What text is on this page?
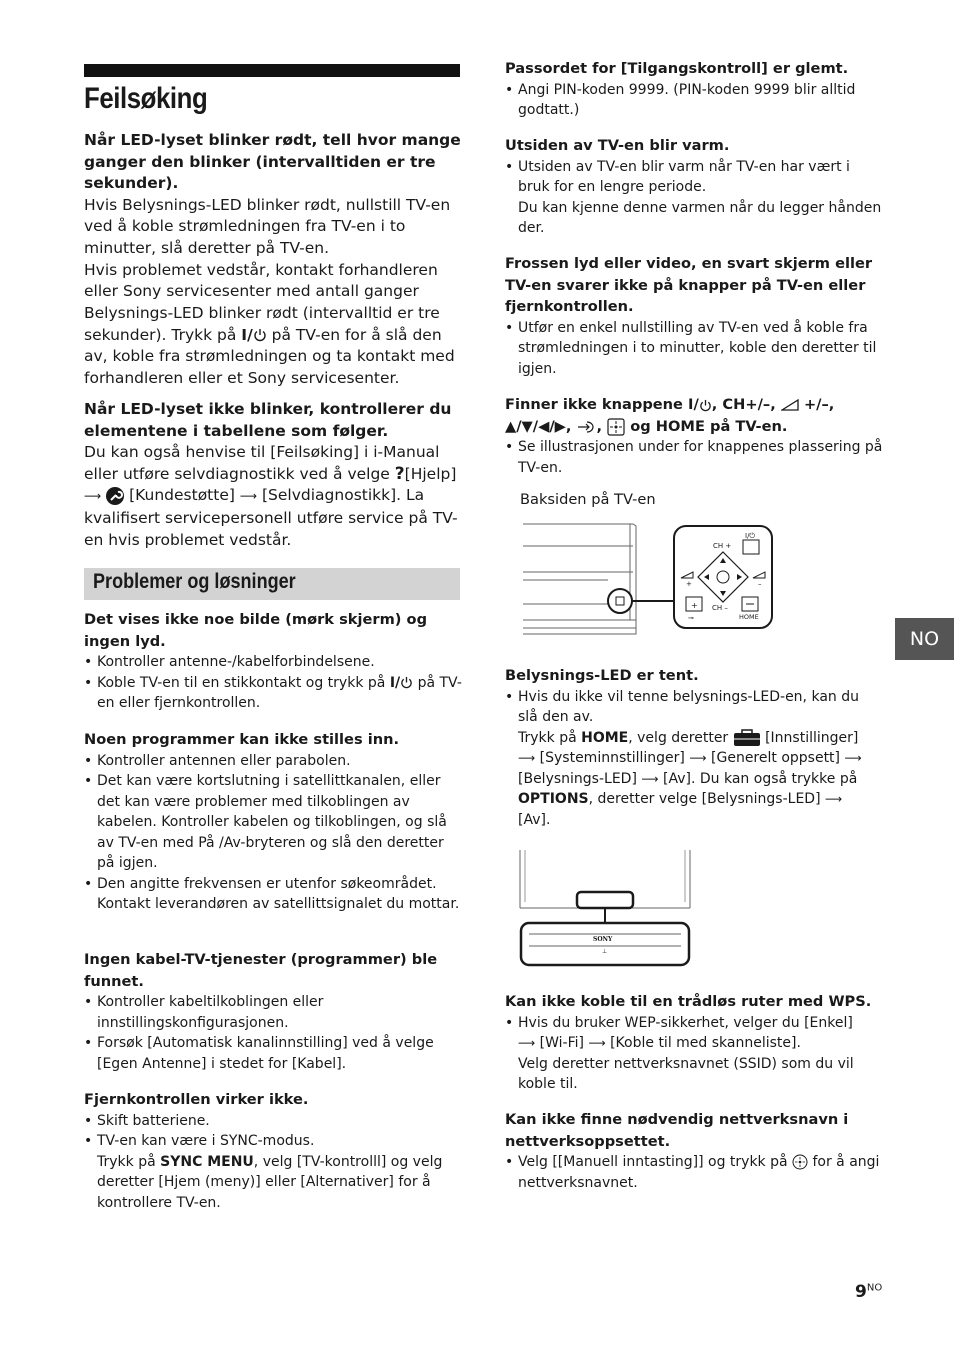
Feilsøking

Når LED-lyset blinker rødt, tell hvor mange ganger den blinker (intervalltiden er tre sekunder).

Hvis Belysnings-LED blinker rødt, nullstill TV-en ved å koble strømledningen fra TV-en i to minutter, slå deretter på TV-en.

Hvis problemet vedstår, kontakt forhandleren eller Sony servicesenter med antall ganger Belysnings-LED blinker rødt (intervalltid er tre sekunder). Trykk på I/ på TV-en for å slå den av, koble fra strømledningen og ta kontakt med forhandleren eller et Sony servicesenter.

Når LED-lyset ikke blinker, kontrollerer du elementene i tabellene som følger.

Du kan også henvise til [Feilsøking] i i-Manual eller utføre selvdiagnostikk ved å velge ?[Hjelp] ⟶ [Kundestøtte] ⟶ [Selvdiagnostikk]. La kvalifisert servicepersonell utføre service på TV-en hvis problemet vedstår.

Problemer og løsninger

Det vises ikke noe bilde (mørk skjerm) og ingen lyd.

• Kontroller antenne-/kabelforbindelsene.
• Koble TV-en til en stikkontakt og trykk på I/ på TV-en eller fjernkontrollen.

Noen programmer kan ikke stilles inn.

• Kontroller antennen eller parabolen.
• Det kan være kortslutning i satellittkanalen, eller det kan være problemer med tilkoblingen av kabelen. Kontroller kabelen og tilkoblingen, og slå av TV-en med På /Av-bryteren og slå den deretter på igjen.
• Den angitte frekvensen er utenfor søkeområdet. Kontakt leverandøren av satellittsignalet du mottar.

Ingen kabel-TV-tjenester (programmer) ble funnet.

• Kontroller kabeltilkoblingen eller innstillingskonfigurasjonen.
• Forsøk [Automatisk kanalinnstilling] ved å velge [Egen Antenne] i stedet for [Kabel].

Fjernkontrollen virker ikke.

• Skift batteriene.
• TV-en kan være i SYNC-modus.
Trykk på SYNC MENU, velg [TV-kontrolll] og velg deretter [Hjem (meny)] eller [Alternativer] for å kontrollere TV-en.

Passordet for [Tilgangskontroll] er glemt.

• Angi PIN-koden 9999. (PIN-koden 9999 blir alltid godtatt.)

Utsiden av TV-en blir varm.

• Utsiden av TV-en blir varm når TV-en har vært i bruk for en lengre periode.
Du kan kjenne denne varmen når du legger hånden der.

Frossen lyd eller video, en svart skjerm eller TV-en svarer ikke på knapper på TV-en eller fjernkontrollen.

• Utfør en enkel nullstilling av TV-en ved å koble fra strømledningen i to minutter, koble den deretter til igjen.

Finner ikke knappene I/ , CH+/–, +/–,
▲/▼/◀/▶, ,  og HOME på TV-en.

• Se illustrasjonen under for knappenes plassering på TV-en.
Baksiden på TV-en
I/⏻
CH +
+	–
+ CH –
HOME
⊸

Belysnings-LED er tent.

• Hvis du ikke vil tenne belysnings-LED-en, kan du slå den av.
Trykk på HOME, velg deretter	[Innstillinger]
⟶ [Systeminnstillinger] ⟶ [Generelt oppsett] ⟶
[Belysnings-LED] ⟶ [Av]. Du kan også trykke på
OPTIONS, deretter velge [Belysnings-LED] ⟶
[Av].
SONY
⊥

Kan ikke koble til en trådløs ruter med WPS.

• Hvis du bruker WEP-sikkerhet, velger du [Enkel]
⟶ [Wi-Fi] ⟶ [Koble til med skanneliste].
Velg deretter nettverksnavnet (SSID) som du vil koble til.

Kan ikke finne nødvendig nettverksnavn i nettverksoppsettet.

• Velg [[Manuell inntasting]] og trykk på for å angi nettverksnavnet.
NO
$9^{NO}$
